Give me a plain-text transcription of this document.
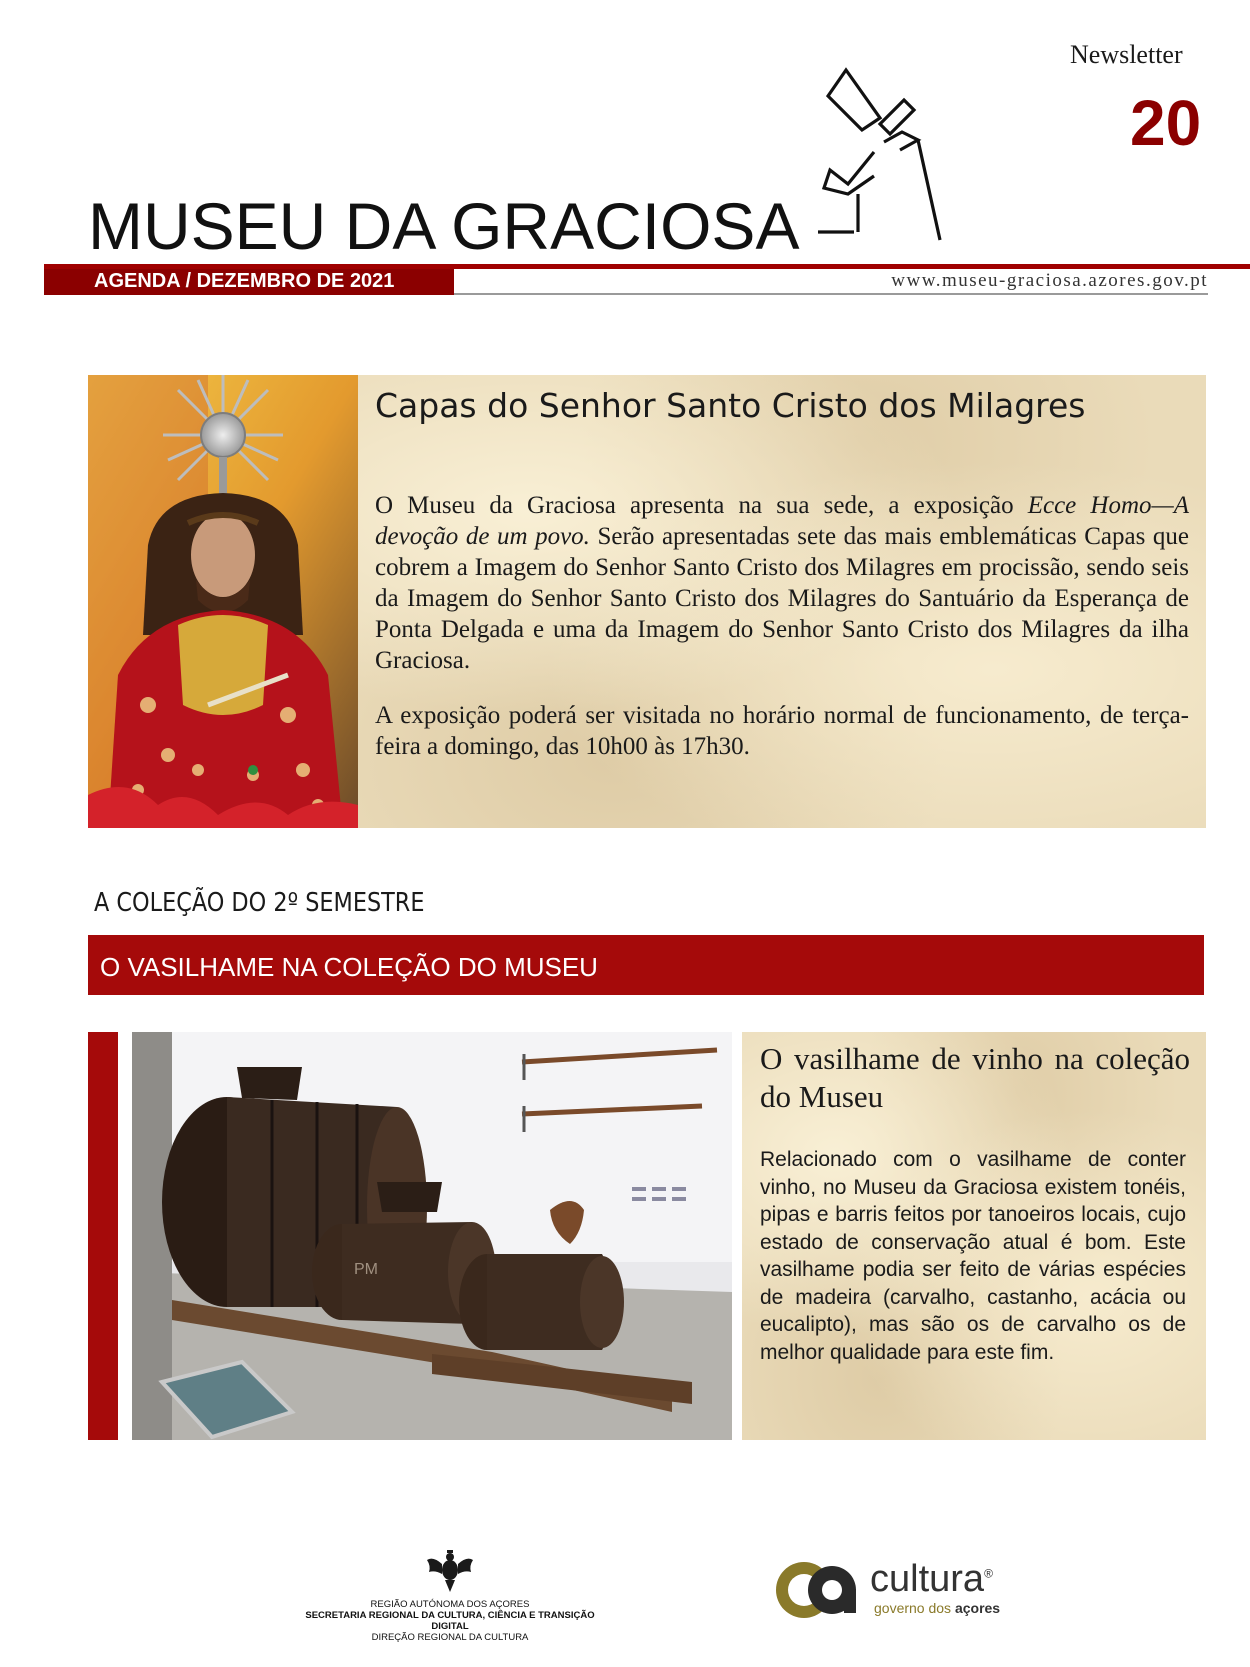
Newsletter
20
MUSEU DA GRACIOSA
AGENDA / DEZEMBRO DE 2021	www.museu-graciosa.azores.gov.pt
Capas do Senhor Santo Cristo dos Milagres

O Museu da Graciosa apresenta na sua sede, a exposição Ecce Homo—A devoção de um povo. Serão apresentadas sete das mais emblemáticas Capas que cobrem a Imagem do Senhor Santo Cristo dos Milagres em procissão, sendo seis da Imagem do Senhor Santo Cristo dos Milagres do Santuário da Esperança de Ponta Delgada e uma da Imagem do Senhor Santo Cristo dos Milagres da ilha Graciosa.

A exposição poderá ser visitada no horário normal de funcionamento, de terça- feira a domingo, das 10h00 às 17h30.

A COLEÇÃO DO 2º SEMESTRE
O VASILHAME NA COLEÇÃO DO MUSEU
PM
O vasilhame de vinho na coleção do Museu
Relacionado com o vasilhame de conter vinho, no Museu da Graciosa existem tonéis, pipas e barris feitos por tanoeiros locais, cujo estado de conservação atual é bom. Este vasilhame podia ser feito de várias espécies de madeira (carvalho, castanho, acácia ou eucalipto), mas são os de carvalho os de melhor qualidade para este fim.
REGIÃO AUTÓNOMA DOS AÇORES
SECRETARIA REGIONAL DA CULTURA, CIÊNCIA E TRANSIÇÃO DIGITAL
DIREÇÃO REGIONAL DA CULTURA
cultura®
governo dos açores
